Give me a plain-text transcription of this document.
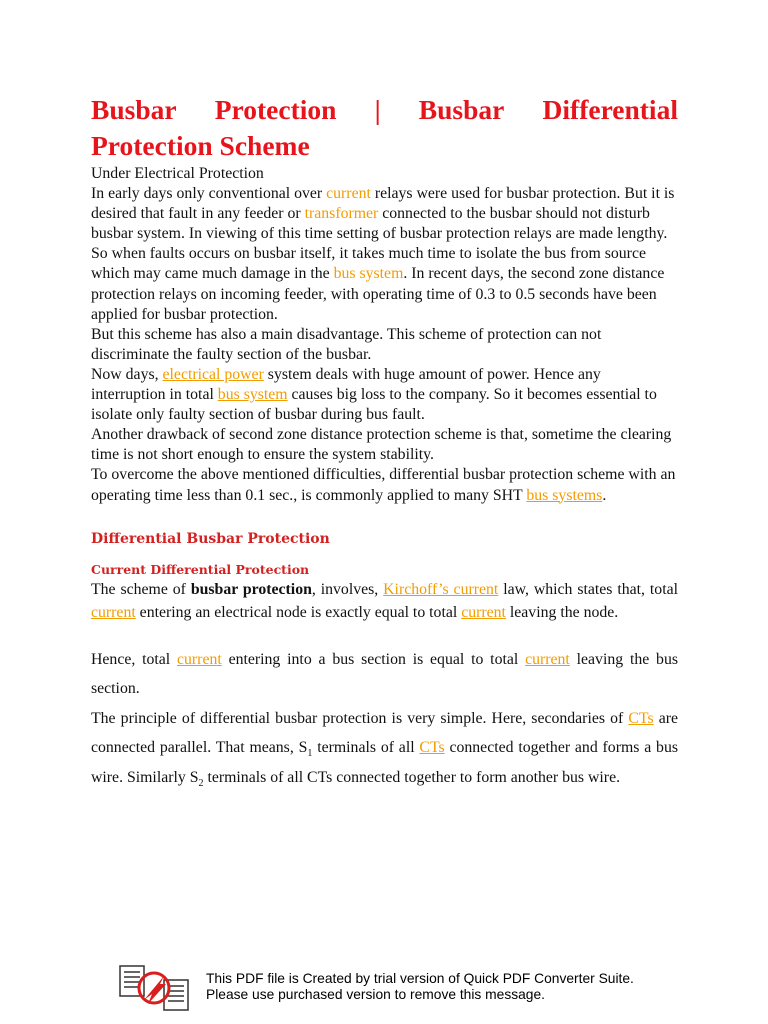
Busbar Protection | Busbar Differential
Protection Scheme

Under Electrical Protection

In early days only conventional over current relays were used for busbar protection. But it is desired that fault in any feeder or transformer connected to the busbar should not disturb busbar system. In viewing of this time setting of busbar protection relays are made lengthy. So when faults occurs on busbar itself, it takes much time to isolate the bus from source which may came much damage in the bus system. In recent days, the second zone distance protection relays on incoming feeder, with operating time of 0.3 to 0.5 seconds have been applied for busbar protection.

But this scheme has also a main disadvantage. This scheme of protection can not discriminate the faulty section of the busbar.

Now days, electrical power system deals with huge amount of power. Hence any interruption in total bus system causes big loss to the company. So it becomes essential to isolate only faulty section of busbar during bus fault.

Another drawback of second zone distance protection scheme is that, sometime the clearing time is not short enough to ensure the system stability.

To overcome the above mentioned difficulties, differential busbar protection scheme with an operating time less than 0.1 sec., is commonly applied to many SHT bus systems.

Differential Busbar Protection
Current Differential Protection

The scheme of busbar protection, involves, Kirchoff’s current law, which states that, total current entering an electrical node is exactly equal to total current leaving the node.

Hence, total current entering into a bus section is equal to total current leaving the bus section.

The principle of differential busbar protection is very simple. Here, secondaries of CTs are connected parallel. That means, $S_1$ terminals of all CTs connected together and forms a bus wire. Similarly $S_2$ terminals of all CTs connected together to form another bus wire.

This PDF file is Created by trial version of Quick PDF Converter Suite.
Please use purchased version to remove this message.
